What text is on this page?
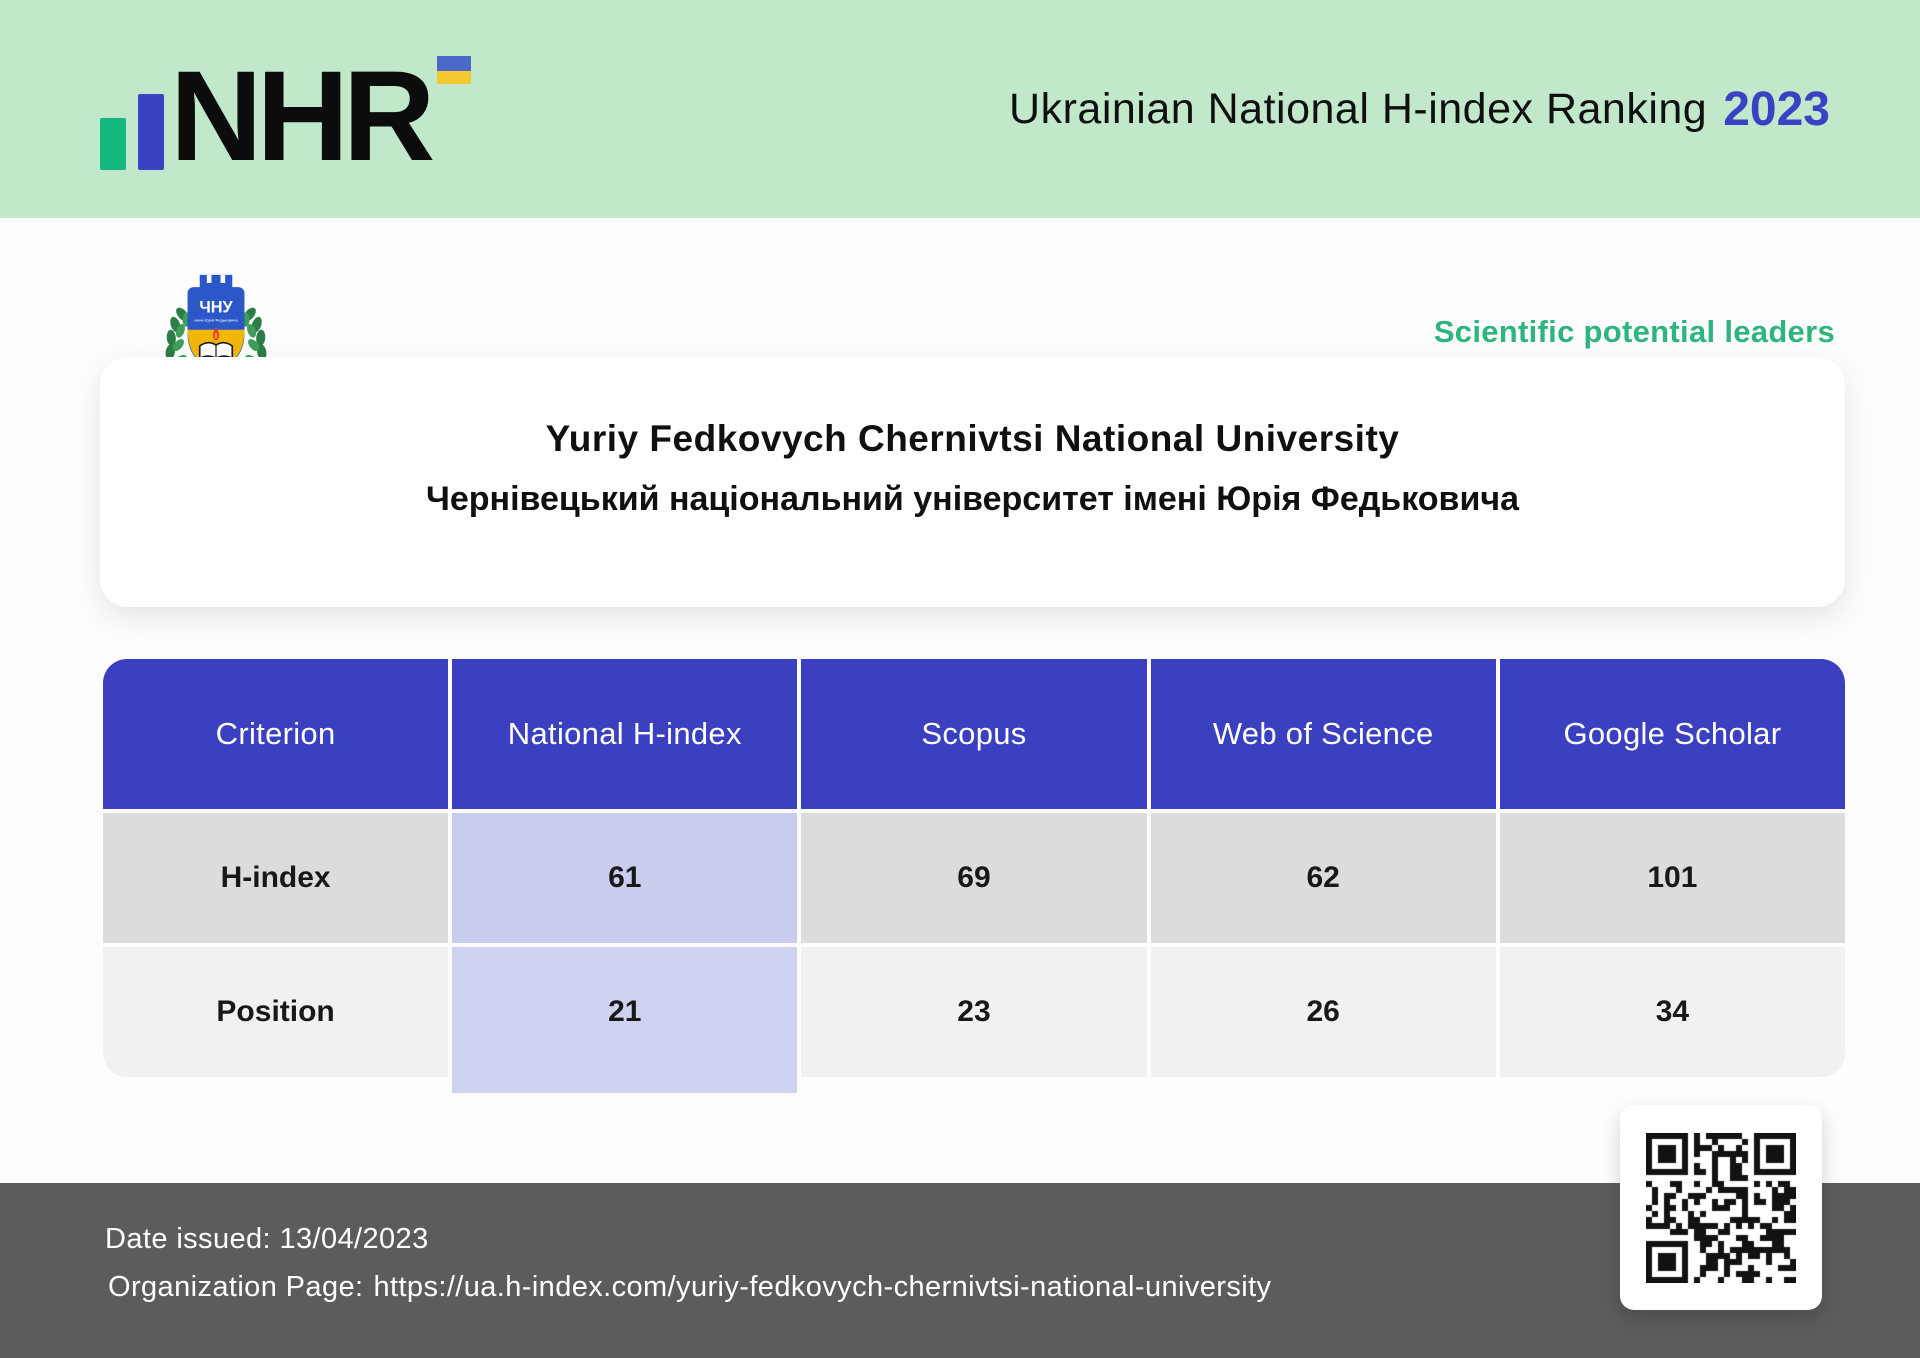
NHR	Ukrainian National H-index Ranking 2023
ЧНУ
імені Юрія Федьковича	Scientific potential leaders
Yuriy Fedkovych Chernivtsi National University
Чернівецький національний університет імені Юрія Федьковича
Criterion	National H-index	Scopus	Web of Science	Google Scholar
H-index	61	69	62	101
Position	21	23	26	34
Date issued: 13/04/2023
Organization Page: https://ua.h-index.com/yuriy-fedkovych-chernivtsi-national-university
